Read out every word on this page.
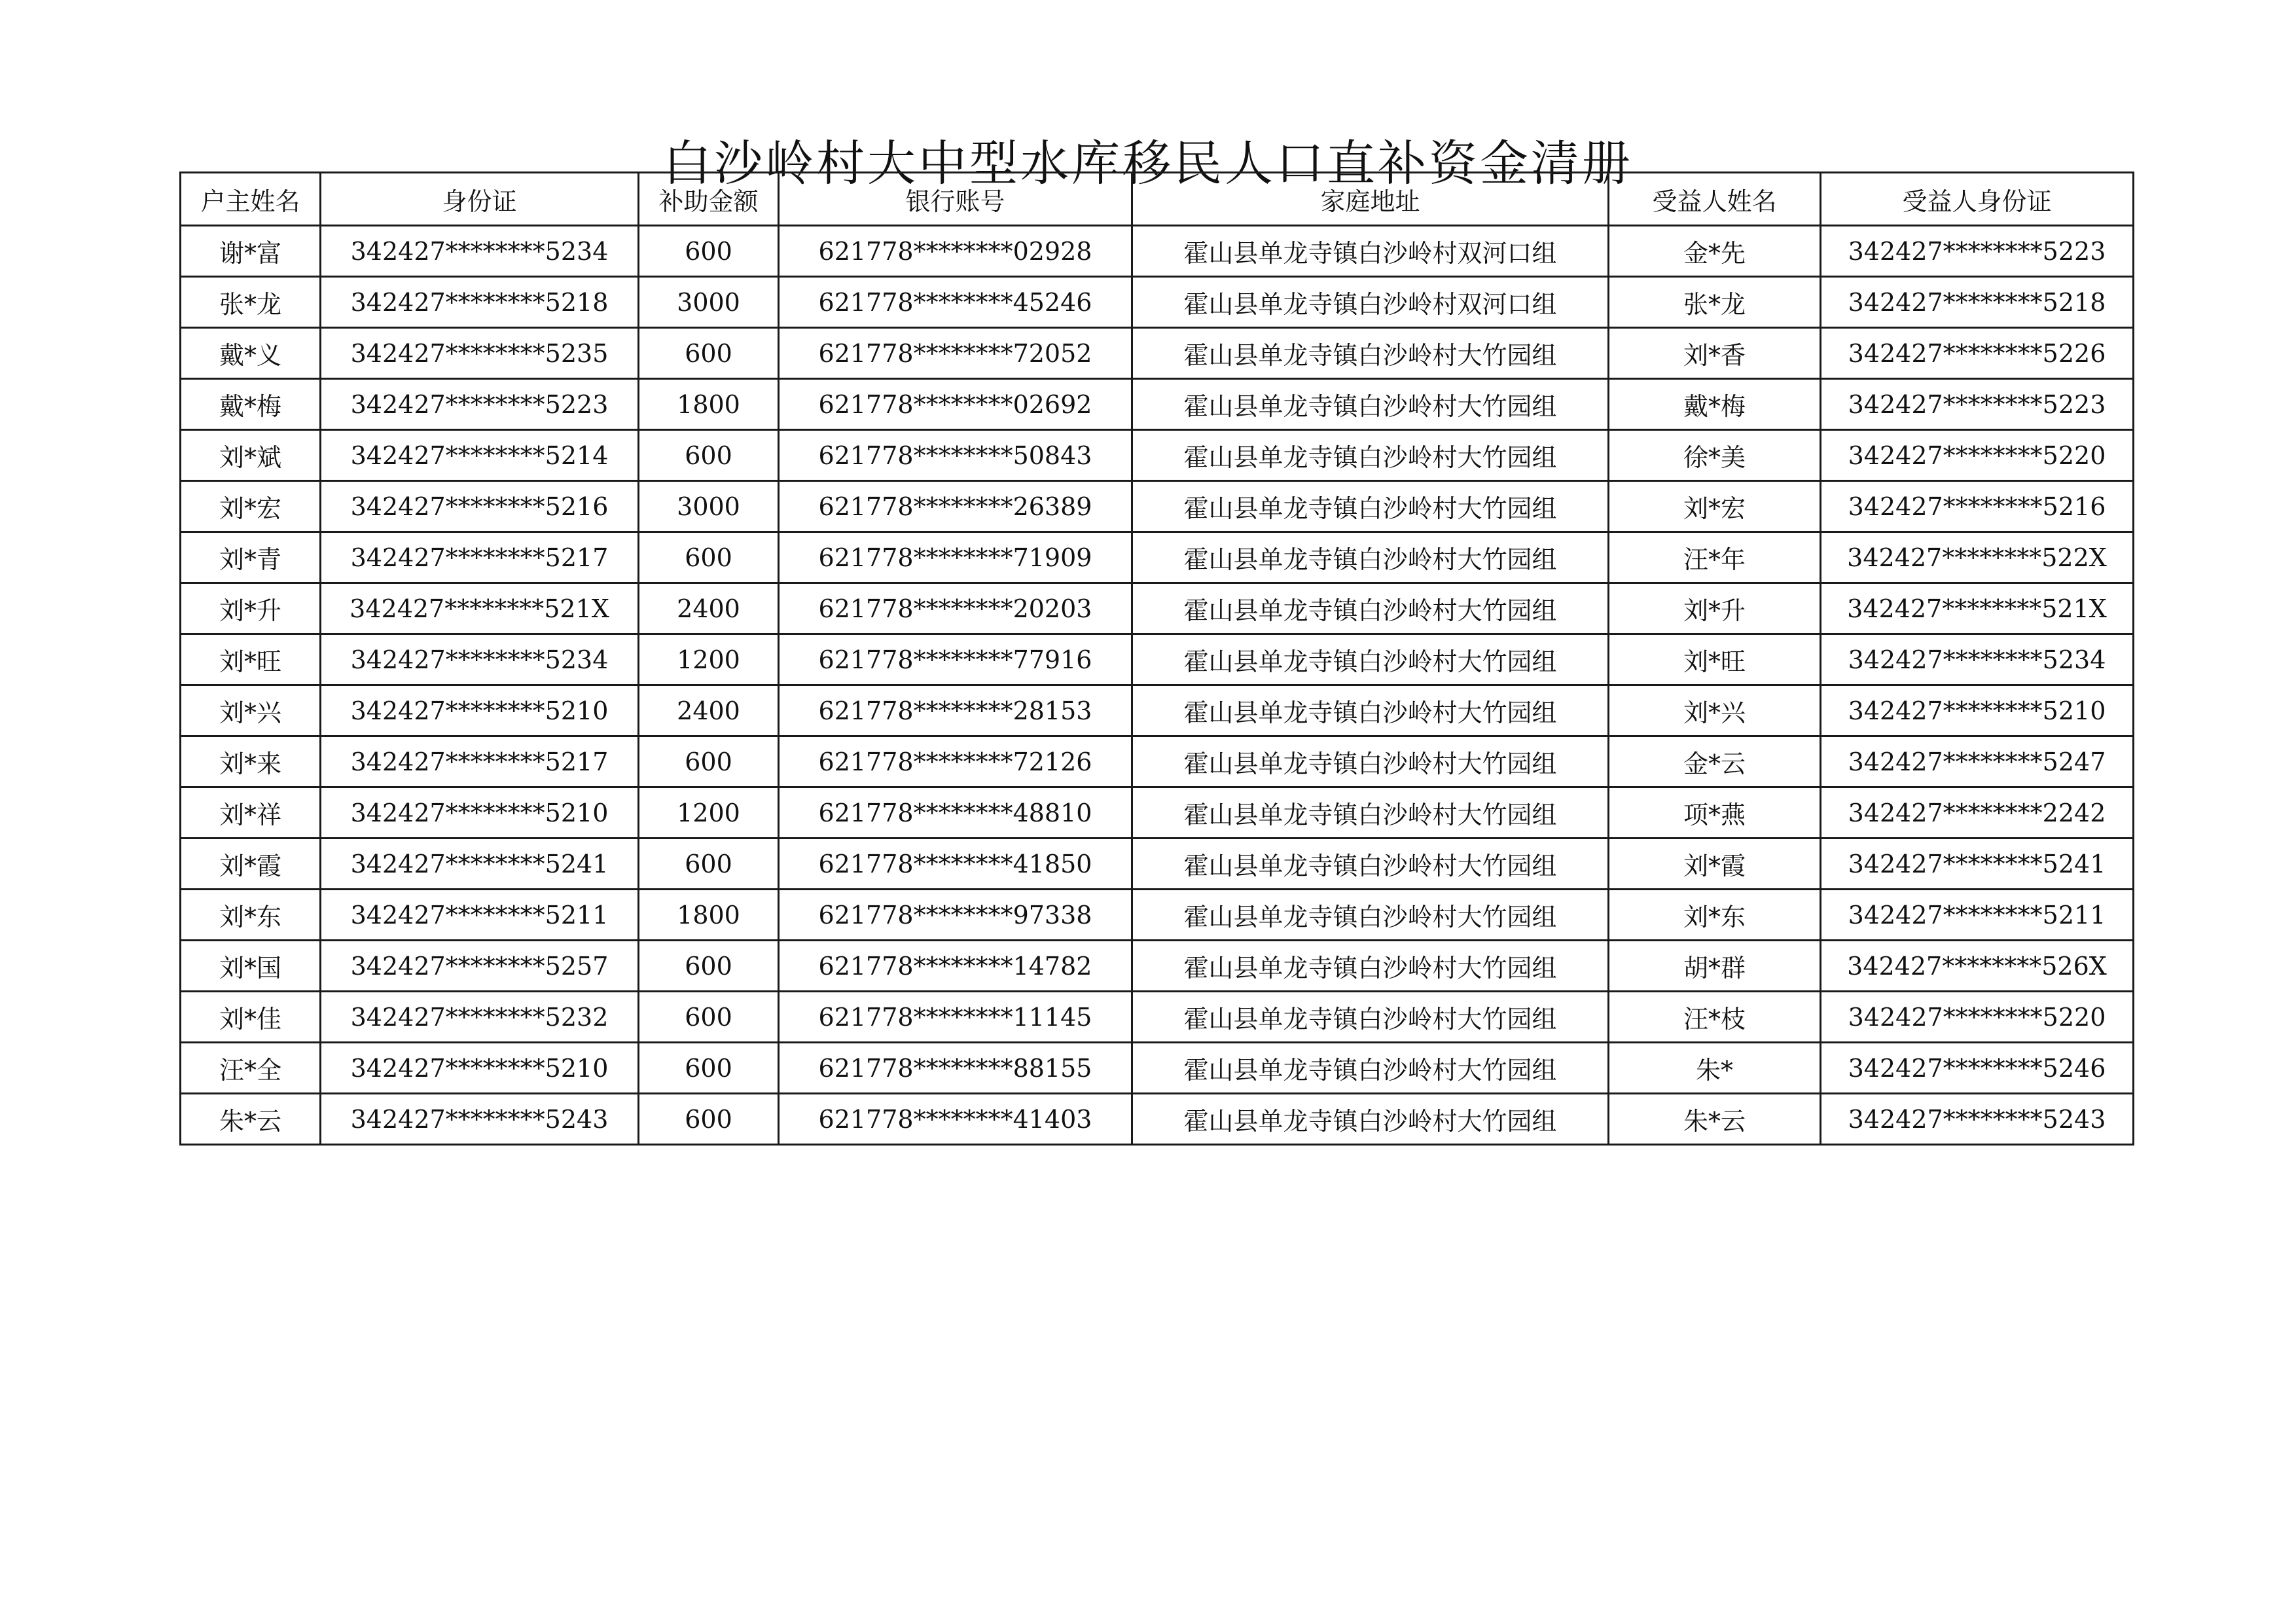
白沙岭村大中型水库移民人口直补资金清册
户主姓名	身份证	补助金额	银行账号	家庭地址	受益人姓名	受益人身份证
谢*富	342427********5234	600	621778********02928	霍山县单龙寺镇白沙岭村双河口组	金*先	342427********5223
张*龙	342427********5218	3000	621778********45246	霍山县单龙寺镇白沙岭村双河口组	张*龙	342427********5218
戴*义	342427********5235	600	621778********72052	霍山县单龙寺镇白沙岭村大竹园组	刘*香	342427********5226
戴*梅	342427********5223	1800	621778********02692	霍山县单龙寺镇白沙岭村大竹园组	戴*梅	342427********5223
刘*斌	342427********5214	600	621778********50843	霍山县单龙寺镇白沙岭村大竹园组	徐*美	342427********5220
刘*宏	342427********5216	3000	621778********26389	霍山县单龙寺镇白沙岭村大竹园组	刘*宏	342427********5216
刘*青	342427********5217	600	621778********71909	霍山县单龙寺镇白沙岭村大竹园组	汪*年	342427********522X
刘*升	342427********521X	2400	621778********20203	霍山县单龙寺镇白沙岭村大竹园组	刘*升	342427********521X
刘*旺	342427********5234	1200	621778********77916	霍山县单龙寺镇白沙岭村大竹园组	刘*旺	342427********5234
刘*兴	342427********5210	2400	621778********28153	霍山县单龙寺镇白沙岭村大竹园组	刘*兴	342427********5210
刘*来	342427********5217	600	621778********72126	霍山县单龙寺镇白沙岭村大竹园组	金*云	342427********5247
刘*祥	342427********5210	1200	621778********48810	霍山县单龙寺镇白沙岭村大竹园组	项*燕	342427********2242
刘*霞	342427********5241	600	621778********41850	霍山县单龙寺镇白沙岭村大竹园组	刘*霞	342427********5241
刘*东	342427********5211	1800	621778********97338	霍山县单龙寺镇白沙岭村大竹园组	刘*东	342427********5211
刘*国	342427********5257	600	621778********14782	霍山县单龙寺镇白沙岭村大竹园组	胡*群	342427********526X
刘*佳	342427********5232	600	621778********11145	霍山县单龙寺镇白沙岭村大竹园组	汪*枝	342427********5220
汪*全	342427********5210	600	621778********88155	霍山县单龙寺镇白沙岭村大竹园组	朱*	342427********5246
朱*云	342427********5243	600	621778********41403	霍山县单龙寺镇白沙岭村大竹园组	朱*云	342427********5243
